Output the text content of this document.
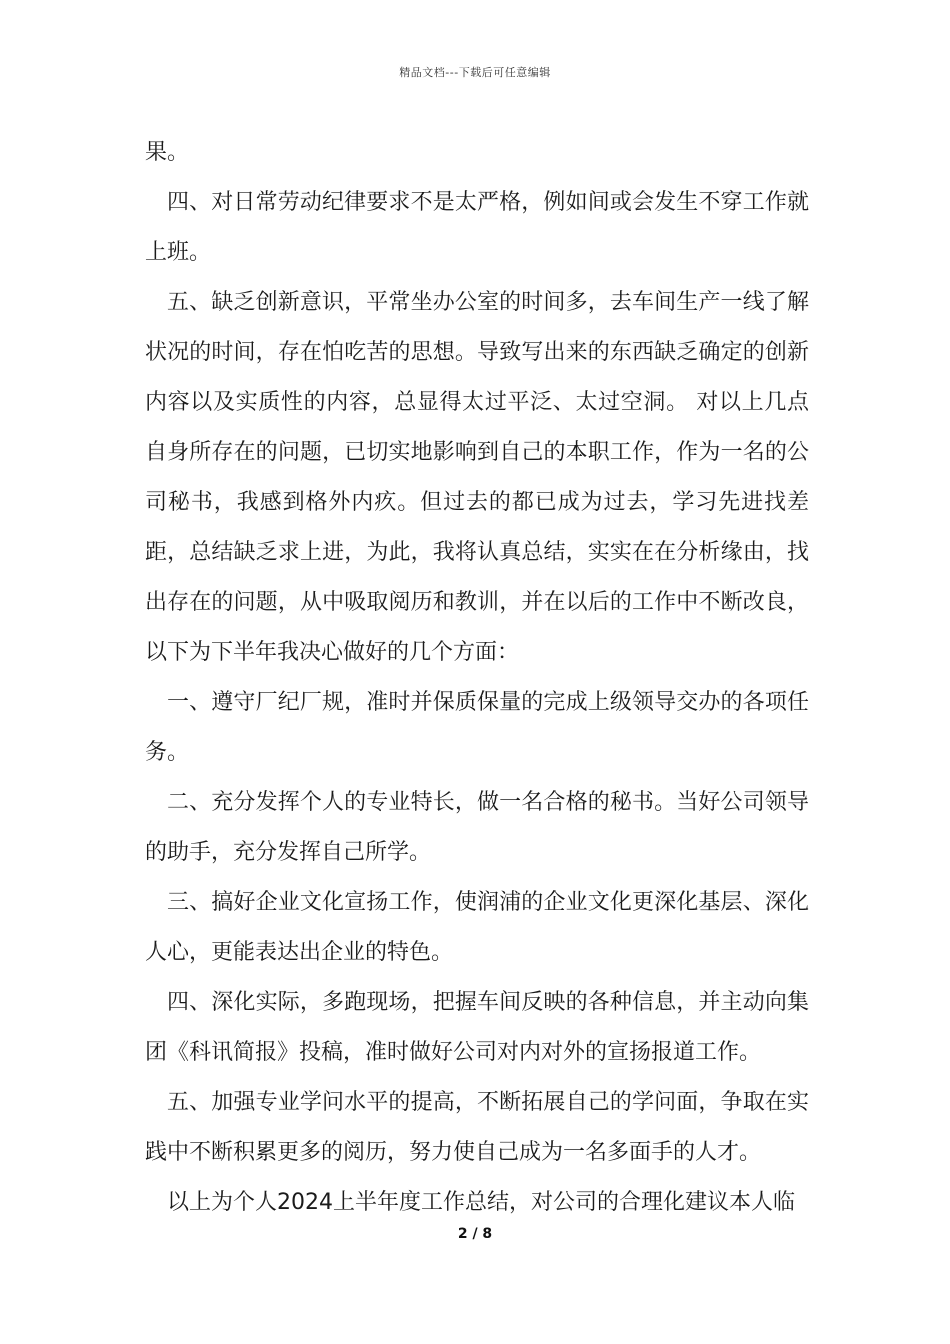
精品文档---下载后可任意编辑

果。

四、对日常劳动纪律要求不是太严格，例如间或会发生不穿工作就上班。

五、缺乏创新意识，平常坐办公室的时间多，去车间生产一线了解状况的时间，存在怕吃苦的思想。导致写出来的东西缺乏确定的创新内容以及实质性的内容，总显得太过平泛、太过空洞。 对以上几点自身所存在的问题，已切实地影响到自己的本职工作，作为一名的公司秘书，我感到格外内疚。但过去的都已成为过去，学习先进找差距，总结缺乏求上进，为此，我将认真总结，实实在在分析缘由，找出存在的问题，从中吸取阅历和教训，并在以后的工作中不断改良，以下为下半年我决心做好的几个方面：

一、遵守厂纪厂规，准时并保质保量的完成上级领导交办的各项任务。

二、充分发挥个人的专业特长，做一名合格的秘书。当好公司领导的助手，充分发挥自己所学。

三、搞好企业文化宣扬工作，使润浦的企业文化更深化基层、深化人心，更能表达出企业的特色。

四、深化实际，多跑现场，把握车间反映的各种信息，并主动向集团《科讯简报》投稿，准时做好公司对内对外的宣扬报道工作。

五、加强专业学问水平的提高，不断拓展自己的学问面，争取在实践中不断积累更多的阅历，努力使自己成为一名多面手的人才。

以上为个人2024上半年度工作总结，对公司的合理化建议本人临

2 / 8
